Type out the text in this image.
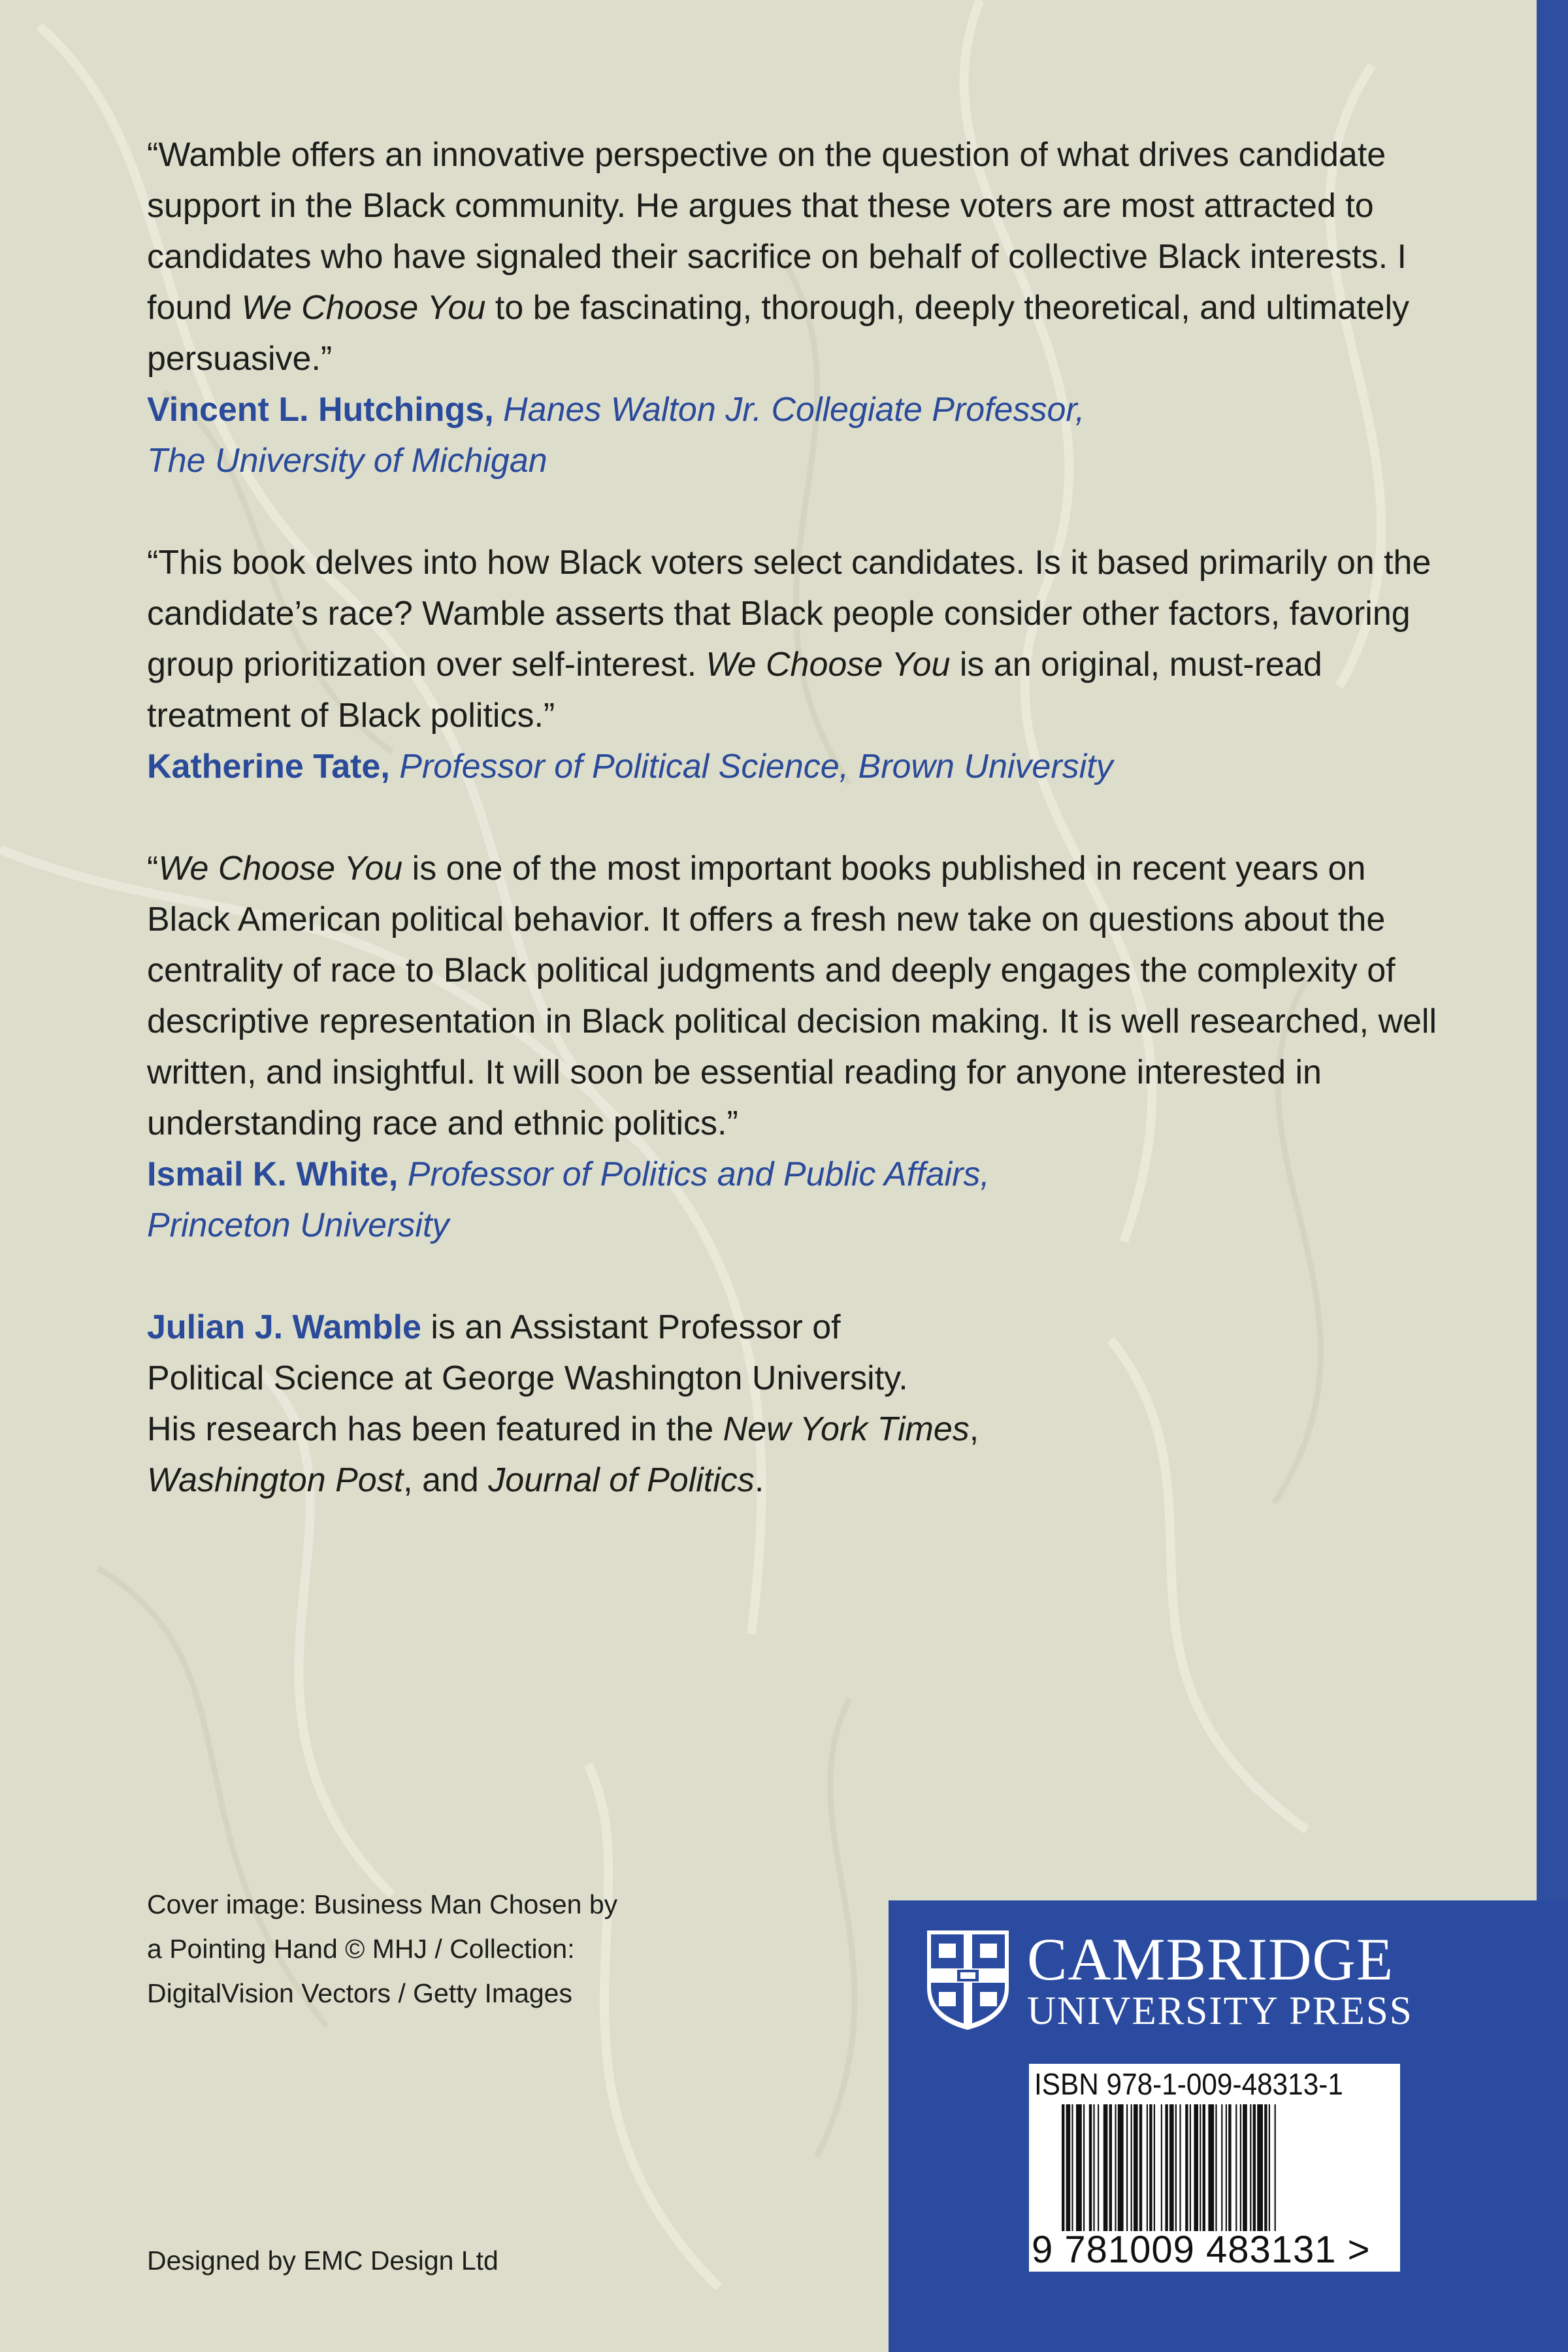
“Wamble offers an innovative perspective on the question of what drives candidate support in the Black community. He argues that these voters are most attracted to candidates who have signaled their sacrifice on behalf of collective Black interests. I found We Choose You to be fascinating, thorough, deeply theoretical, and ultimately persuasive.”

Vincent L. Hutchings, Hanes Walton Jr. Collegiate Professor,
The University of Michigan

“This book delves into how Black voters select candidates. Is it based primarily on the candidate’s race? Wamble asserts that Black people consider other factors, favoring group prioritization over self-interest. We Choose You is an original, must-read treatment of Black politics.”

Katherine Tate, Professor of Political Science, Brown University

“We Choose You is one of the most important books published in recent years on Black American political behavior. It offers a fresh new take on questions about the centrality of race to Black political judgments and deeply engages the complexity of descriptive representation in Black political decision making. It is well researched, well written, and insightful. It will soon be essential reading for anyone interested in understanding race and ethnic politics.”

Ismail K. White, Professor of Politics and Public Affairs,
Princeton University

Julian J. Wamble is an Assistant Professor of
Political Science at George Washington University.
His research has been featured in the New York Times,
Washington Post, and Journal of Politics.

Cover image: Business Man Chosen by
a Pointing Hand © MHJ / Collection:
DigitalVision Vectors / Getty Images

Designed by EMC Design Ltd

CAMBRIDGE
UNIVERSITY PRESS
ISBN 978-1-009-48313-1
9 781009 483131 >
